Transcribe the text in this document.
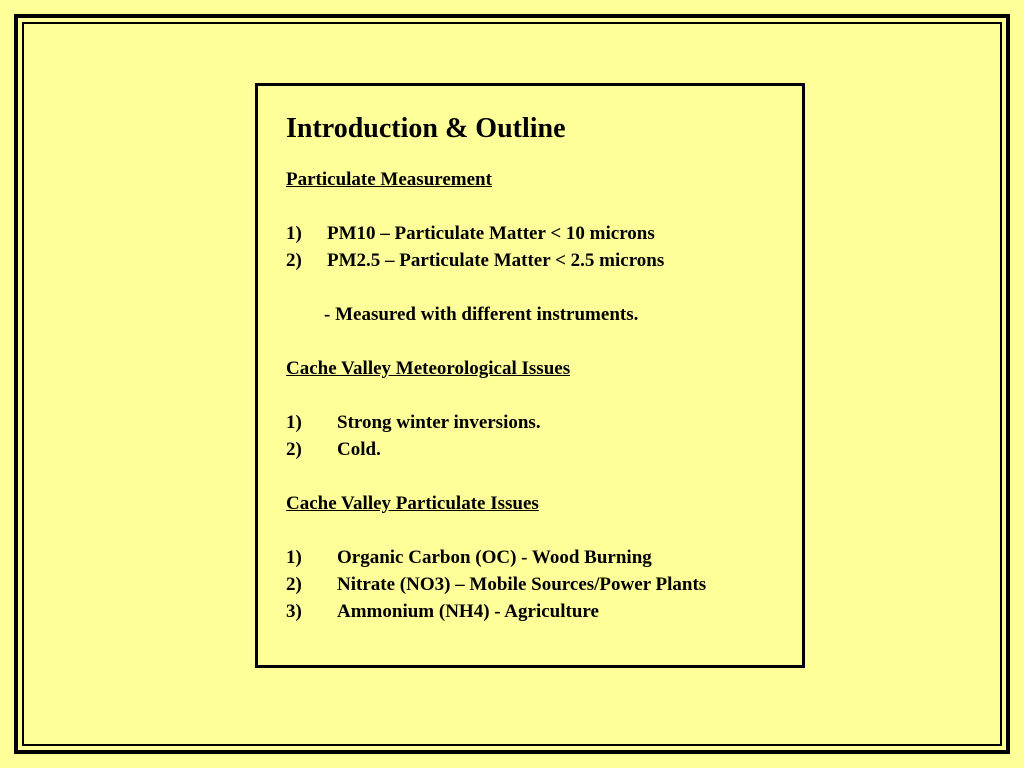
Introduction & Outline
Particulate Measurement
1)	PM10 – Particulate Matter < 10 microns
2)	PM2.5 – Particulate Matter < 2.5 microns
- Measured with different instruments.
Cache Valley Meteorological Issues
1)	Strong winter inversions.
2)	Cold.
Cache Valley Particulate Issues
1)	Organic Carbon (OC) - Wood Burning
2)	Nitrate (NO3) – Mobile Sources/Power Plants
3)	Ammonium (NH4) - Agriculture
